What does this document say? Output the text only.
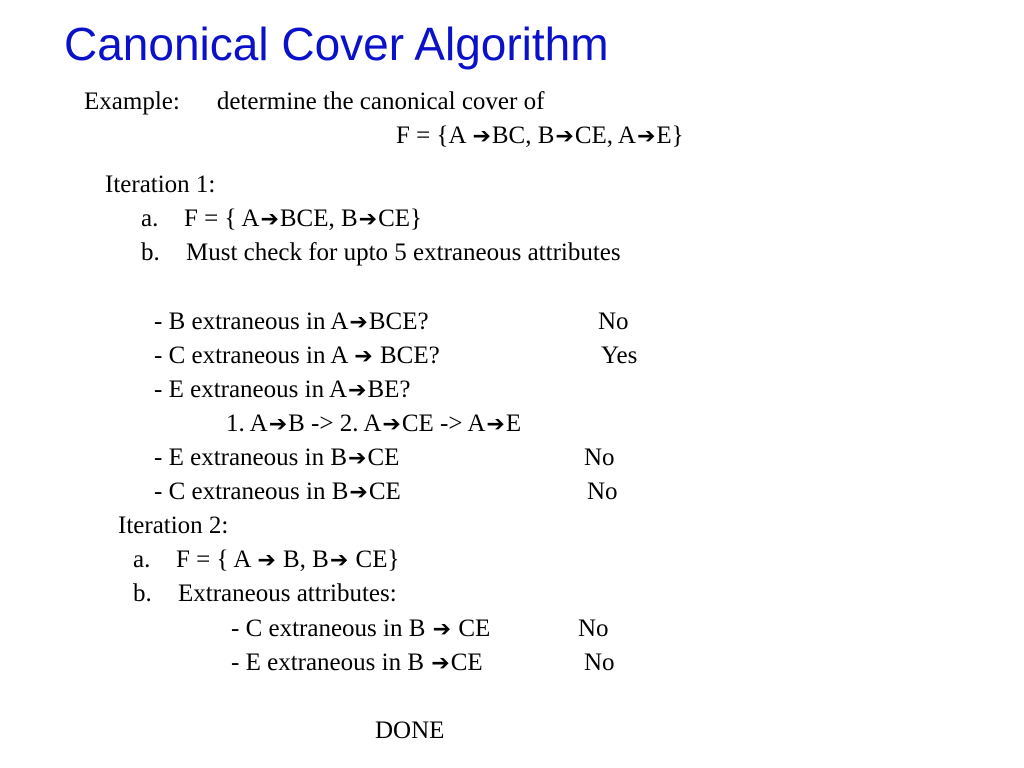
Canonical Cover Algorithm
Example: determine the canonical cover of
F = {A ➔BC, B➔CE, A➔E}
Iteration 1:
a. F = { A➔BCE, B➔CE}
b. Must check for upto 5 extraneous attributes
- B extraneous in A➔BCE?	No
- C extraneous in A ➔ BCE?	Yes
- E extraneous in A➔BE?
1. A➔B -> 2. A➔CE -> A➔E
- E extraneous in B➔CE	No
- C extraneous in B➔CE	No
Iteration 2:
a. F = { A ➔ B, B➔ CE}
b. Extraneous attributes:
- C extraneous in B ➔ CE	No
- E extraneous in B ➔CE	No
DONE
